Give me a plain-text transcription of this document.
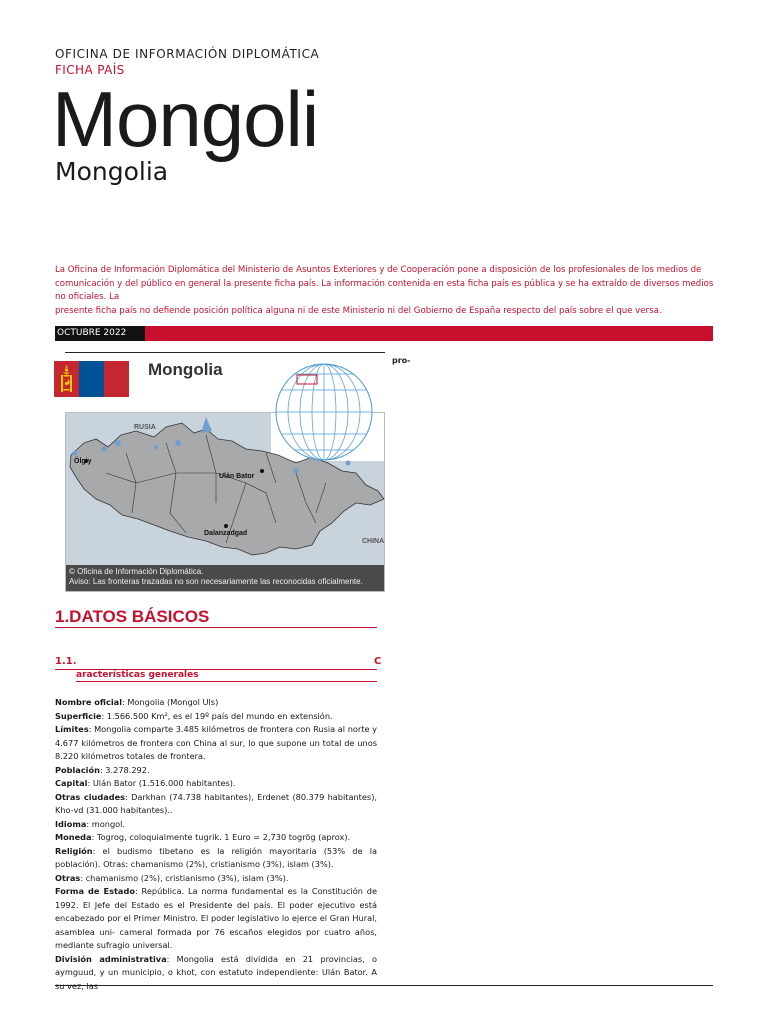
OFICINA DE INFORMACIÓN DIPLOMÁTICA
FICHA PAÍS
Mongoli
Mongolia

La Oficina de Información Diplomática del Ministerio de Asuntos Exteriores y de Cooperación pone a disposición de los profesionales de los medios de comunicación y del público en general la presente ficha país. La información contenida en esta ficha país es pública y se ha extraído de diversos medios no oficiales. La

presente ficha país no defiende posición política alguna ni de este Ministerio ni del Gobierno de España respecto del país sobre el que versa.

OCTUBRE 2022
pro-
Mongolia
RUSIA
Ölgiy
Ulán Bator
Dalanzadgad
CHINA
© Oficina de Información Diplomática.
Aviso: Las fronteras trazadas no son necesariamente las reconocidas oficialmente.
1.DATOS BÁSICOS
1.1.	C
aracterísticas generales

Nombre oficial: Mongolia (Mongol Uls)

Superficie: 1.566.500 Km², es el 19º país del mundo en extensión.

Límites: Mongolia comparte 3.485 kilómetros de frontera con Rusia al norte y 4.677 kilómetros de frontera con China al sur, lo que supone un total de unos 8.220 kilómetros totales de frontera.

Población: 3.278.292.

Capital: Ulán Bator (1.516.000 habitantes).

Otras ciudades: Darkhan (74.738 habitantes), Erdenet (80.379 habitantes), Kho-vd (31.000 habitantes)..

Idioma: mongol.

Moneda: Togrog, coloquialmente tugrik. 1 Euro = 2,730 togrög (aprox).

Religión: el budismo tibetano es la religión mayoritaria (53% de la población). Otras: chamanismo (2%), cristianismo (3%), islam (3%).

Otras: chamanismo (2%), cristianismo (3%), islam (3%).

Forma de Estado: República. La norma fundamental es la Constitución de 1992. El Jefe del Estado es el Presidente del país. El poder ejecutivo está encabezado por el Primer Ministro. El poder legislativo lo ejerce el Gran Hural, asamblea uni- cameral formada por 76 escaños elegidos por cuatro años, mediante sufragio universal.

División administrativa: Mongolia está dividida en 21 provincias, o aymguud, y un municipio, o khot, con estatuto independiente: Ulán Bator. A
